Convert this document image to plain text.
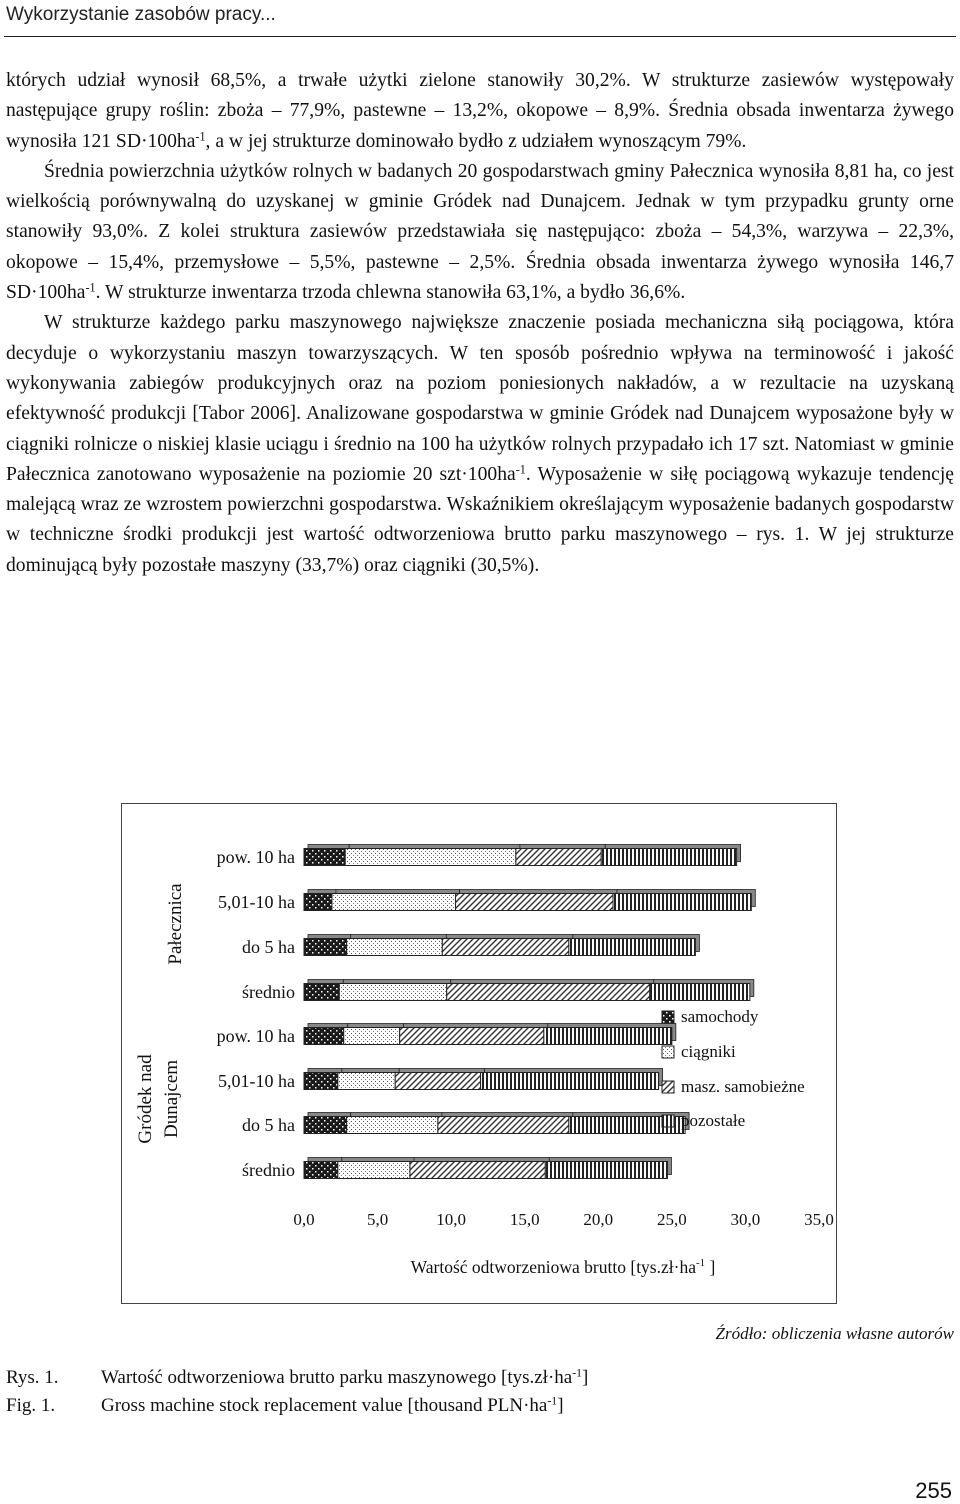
Wykorzystanie zasobów pracy...

których udział wynosił 68,5%, a trwałe użytki zielone stanowiły 30,2%. W strukturze zasiewów występowały następujące grupy roślin: zboża – 77,9%, pastewne – 13,2%, okopowe – 8,9%. Średnia obsada inwentarza żywego wynosiła 121 $SD\cdot 100ha^{-1}$, a w jej strukturze dominowało bydło z udziałem wynoszącym 79%.

Średnia powierzchnia użytków rolnych w badanych 20 gospodarstwach gminy Pałecznica wynosiła 8,81 ha, co jest wielkością porównywalną do uzyskanej w gminie Gródek nad Dunajcem. Jednak w tym przypadku grunty orne stanowiły 93,0%. Z kolei struktura zasiewów przedstawiała się następująco: zboża – 54,3%, warzywa – 22,3%, okopowe – 15,4%, przemysłowe – 5,5%, pastewne – 2,5%. Średnia obsada inwentarza żywego wynosiła 146,7 $SD\cdot 100ha^{-1}$. W strukturze inwentarza trzoda chlewna stanowiła 63,1%, a bydło 36,6%.

W strukturze każdego parku maszynowego największe znaczenie posiada mechaniczna siłą pociągowa, która decyduje o wykorzystaniu maszyn towarzyszących. W ten sposób pośrednio wpływa na terminowość i jakość wykonywania zabiegów produkcyjnych oraz na poziom poniesionych nakładów, a w rezultacie na uzyskaną efektywność produkcji [Tabor 2006]. Analizowane gospodarstwa w gminie Gródek nad Dunajcem wyposażone były w ciągniki rolnicze o niskiej klasie uciągu i średnio na 100 ha użytków rolnych przypadało ich 17 szt. Natomiast w gminie Pałecznica zanotowano wyposażenie na poziomie 20 $szt\cdot 100ha^{-1}$. Wyposażenie w siłę pociągową wykazuje tendencję malejącą wraz ze wzrostem powierzchni gospodarstwa. Wskaźnikiem określającym wyposażenie badanych gospodarstw w techniczne środki produkcji jest wartość odtworzeniowa brutto parku maszynowego – rys. 1. W jej strukturze dominującą były pozostałe maszyny (33,7%) oraz ciągniki (30,5%).

pow. 10 ha
5,01-10 ha
do 5 ha
średnio
pow. 10 ha
5,01-10 ha
do 5 ha
średnio
Pałecznica
Gródek nad Dunajcem
0,0	5,0	10,0	15,0	20,0	25,0	30,0	35,0
Wartość odtworzeniowa brutto [$tys.zł\cdot ha^{-1}$ ]
samochody
ciągniki
masz. samobieżne
pozostałe
Źródło: obliczenia własne autorów
Rys. 1.	Wartość odtworzeniowa brutto parku maszynowego $[tys.zł\cdot ha^{-1}]$
Fig. 1.	Gross machine stock replacement value [thousand $PLN\cdot ha^{-1}$]
255
